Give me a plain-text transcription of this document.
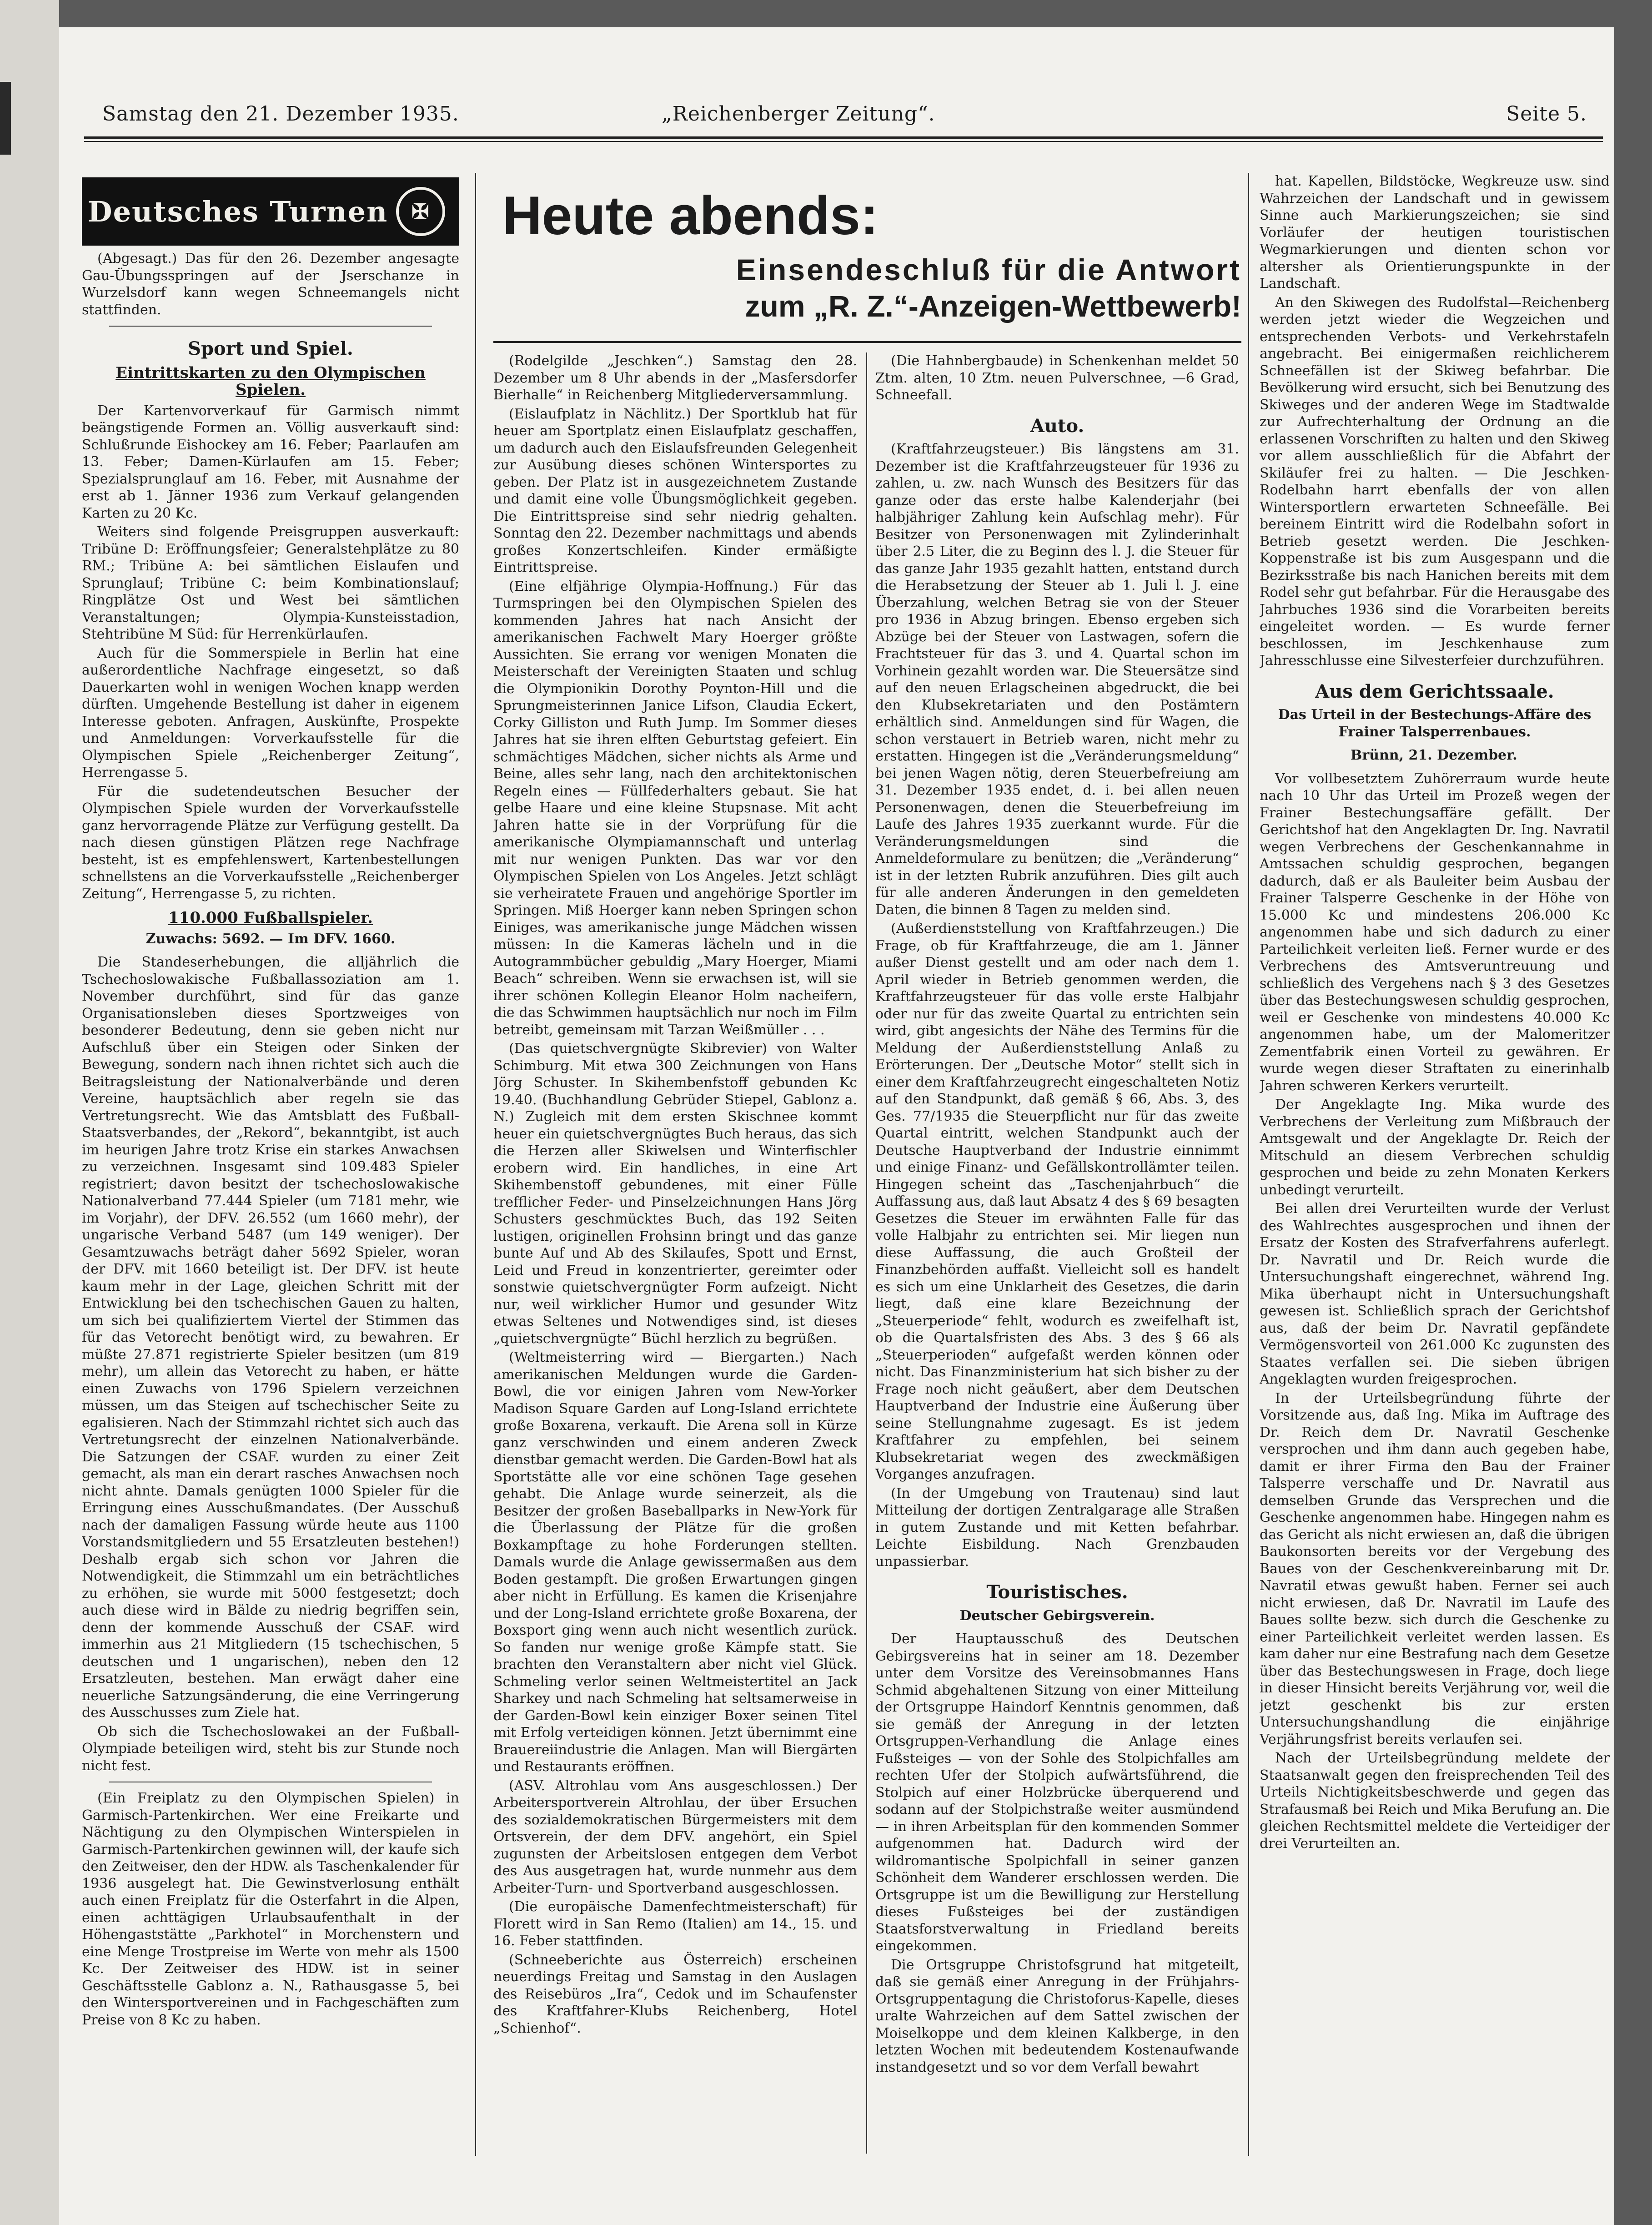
Samstag den 21. Dezember 1935.	„Reichenberger Zeitung“.	Seite 5.
Deutsches Turnen	✠

(Abgesagt.) Das für den 26. Dezember angesagte Gau-Übungsspringen auf der Jserschanze in Wurzelsdorf kann wegen Schneemangels nicht stattfinden.

Sport und Spiel.
Eintrittskarten zu den Olympischen Spielen.

Der Kartenvorverkauf für Garmisch nimmt beängstigende Formen an. Völlig ausverkauft sind: Schlußrunde Eishockey am 16. Feber; Paarlaufen am 13. Feber; Damen-Kürlaufen am 15. Feber; Spezialsprunglauf am 16. Feber, mit Ausnahme der erst ab 1. Jänner 1936 zum Verkauf gelangenden Karten zu 20 Kc.

Weiters sind folgende Preisgruppen ausverkauft: Tribüne D: Eröffnungsfeier; Generalstehplätze zu 80 RM.; Tribüne A: bei sämtlichen Eislaufen und Sprunglauf; Tribüne C: beim Kombinationslauf; Ringplätze Ost und West bei sämtlichen Veranstaltungen; Olympia-Kunsteisstadion, Stehtribüne M Süd: für Herrenkürlaufen.

Auch für die Sommerspiele in Berlin hat eine außerordentliche Nachfrage eingesetzt, so daß Dauerkarten wohl in wenigen Wochen knapp werden dürften. Umgehende Bestellung ist daher in eigenem Interesse geboten. Anfragen, Auskünfte, Prospekte und Anmeldungen: Vorverkaufsstelle für die Olympischen Spiele „Reichenberger Zeitung“, Herrengasse 5.

Für die sudetendeutschen Besucher der Olympischen Spiele wurden der Vorverkaufsstelle ganz hervorragende Plätze zur Verfügung gestellt. Da nach diesen günstigen Plätzen rege Nachfrage besteht, ist es empfehlenswert, Kartenbestellungen schnellstens an die Vorverkaufsstelle „Reichenberger Zeitung“, Herrengasse 5, zu richten.

110.000 Fußballspieler.

Zuwachs: 5692. — Im DFV. 1660.

Die Standeserhebungen, die alljährlich die Tschechoslowakische Fußballassoziation am 1. November durchführt, sind für das ganze Organisationsleben dieses Sportzweiges von besonderer Bedeutung, denn sie geben nicht nur Aufschluß über ein Steigen oder Sinken der Bewegung, sondern nach ihnen richtet sich auch die Beitragsleistung der Nationalverbände und deren Vereine, hauptsächlich aber regeln sie das Vertretungsrecht. Wie das Amtsblatt des Fußball-Staatsverbandes, der „Rekord“, bekanntgibt, ist auch im heurigen Jahre trotz Krise ein starkes Anwachsen zu verzeichnen. Insgesamt sind 109.483 Spieler registriert; davon besitzt der tschechoslowakische Nationalverband 77.444 Spieler (um 7181 mehr, wie im Vorjahr), der DFV. 26.552 (um 1660 mehr), der ungarische Verband 5487 (um 149 weniger). Der Gesamtzuwachs beträgt daher 5692 Spieler, woran der DFV. mit 1660 beteiligt ist. Der DFV. ist heute kaum mehr in der Lage, gleichen Schritt mit der Entwicklung bei den tschechischen Gauen zu halten, um sich bei qualifiziertem Viertel der Stimmen das für das Vetorecht benötigt wird, zu bewahren. Er müßte 27.871 registrierte Spieler besitzen (um 819 mehr), um allein das Vetorecht zu haben, er hätte einen Zuwachs von 1796 Spielern verzeichnen müssen, um das Steigen auf tschechischer Seite zu egalisieren. Nach der Stimmzahl richtet sich auch das Vertretungsrecht der einzelnen Nationalverbände. Die Satzungen der CSAF. wurden zu einer Zeit gemacht, als man ein derart rasches Anwachsen noch nicht ahnte. Damals genügten 1000 Spieler für die Erringung eines Ausschußmandates. (Der Ausschuß nach der damaligen Fassung würde heute aus 1100 Vorstandsmitgliedern und 55 Ersatzleuten bestehen!) Deshalb ergab sich schon vor Jahren die Notwendigkeit, die Stimmzahl um ein beträchtliches zu erhöhen, sie wurde mit 5000 festgesetzt; doch auch diese wird in Bälde zu niedrig begriffen sein, denn der kommende Ausschuß der CSAF. wird immerhin aus 21 Mitgliedern (15 tschechischen, 5 deutschen und 1 ungarischen), neben den 12 Ersatzleuten, bestehen. Man erwägt daher eine neuerliche Satzungsänderung, die eine Verringerung des Ausschusses zum Ziele hat.

Ob sich die Tschechoslowakei an der Fußball-Olympiade beteiligen wird, steht bis zur Stunde noch nicht fest.

(Ein Freiplatz zu den Olympischen Spielen) in Garmisch-Partenkirchen. Wer eine Freikarte und Nächtigung zu den Olympischen Winterspielen in Garmisch-Partenkirchen gewinnen will, der kaufe sich den Zeitweiser, den der HDW. als Taschenkalender für 1936 ausgelegt hat. Die Gewinstverlosung enthält auch einen Freiplatz für die Osterfahrt in die Alpen, einen achttägigen Urlaubsaufenthalt in der Höhengaststätte „Parkhotel“ in Morchenstern und eine Menge Trostpreise im Werte von mehr als 1500 Kc. Der Zeitweiser des HDW. ist in seiner Geschäftsstelle Gablonz a. N., Rathausgasse 5, bei den Wintersportvereinen und in Fachgeschäften zum Preise von 8 Kc zu haben.

Heute abends:
Einsendeschluß für die Antwort
zum „R. Z.“-Anzeigen-Wettbewerb!

(Rodelgilde „Jeschken“.) Samstag den 28. Dezember um 8 Uhr abends in der „Masfersdorfer Bierhalle“ in Reichenberg Mitgliederversammlung.

(Eislaufplatz in Nächlitz.) Der Sportklub hat für heuer am Sportplatz einen Eislaufplatz geschaffen, um dadurch auch den Eislaufsfreunden Gelegenheit zur Ausübung dieses schönen Wintersportes zu geben. Der Platz ist in ausgezeichnetem Zustande und damit eine volle Übungsmöglichkeit gegeben. Die Eintrittspreise sind sehr niedrig gehalten. Sonntag den 22. Dezember nachmittags und abends großes Konzertschleifen. Kinder ermäßigte Eintrittspreise.

(Eine elfjährige Olympia-Hoffnung.) Für das Turmspringen bei den Olympischen Spielen des kommenden Jahres hat nach Ansicht der amerikanischen Fachwelt Mary Hoerger größte Aussichten. Sie errang vor wenigen Monaten die Meisterschaft der Vereinigten Staaten und schlug die Olympionikin Dorothy Poynton-Hill und die Sprungmeisterinnen Janice Lifson, Claudia Eckert, Corky Gilliston und Ruth Jump. Im Sommer dieses Jahres hat sie ihren elften Geburtstag gefeiert. Ein schmächtiges Mädchen, sicher nichts als Arme und Beine, alles sehr lang, nach den architektonischen Regeln eines — Füllfederhalters gebaut. Sie hat gelbe Haare und eine kleine Stupsnase. Mit acht Jahren hatte sie in der Vorprüfung für die amerikanische Olympiamannschaft und unterlag mit nur wenigen Punkten. Das war vor den Olympischen Spielen von Los Angeles. Jetzt schlägt sie verheiratete Frauen und angehörige Sportler im Springen. Miß Hoerger kann neben Springen schon Einiges, was amerikanische junge Mädchen wissen müssen: In die Kameras lächeln und in die Autogrammbücher gebuldig „Mary Hoerger, Miami Beach“ schreiben. Wenn sie erwachsen ist, will sie ihrer schönen Kollegin Eleanor Holm nacheifern, die das Schwimmen hauptsächlich nur noch im Film betreibt, gemeinsam mit Tarzan Weißmüller . . .

(Das quietschvergnügte Skibrevier) von Walter Schimburg. Mit etwa 300 Zeichnungen von Hans Jörg Schuster. In Skihembenfstoff gebunden Kc 19.40. (Buchhandlung Gebrüder Stiepel, Gablonz a. N.) Zugleich mit dem ersten Skischnee kommt heuer ein quietschvergnügtes Buch heraus, das sich die Herzen aller Skiwelsen und Winterfischler erobern wird. Ein handliches, in eine Art Skihembenstoff gebundenes, mit einer Fülle trefflicher Feder- und Pinselzeichnungen Hans Jörg Schusters geschmücktes Buch, das 192 Seiten lustigen, originellen Frohsinn bringt und das ganze bunte Auf und Ab des Skilaufes, Spott und Ernst, Leid und Freud in konzentrierter, gereimter oder sonstwie quietschvergnügter Form aufzeigt. Nicht nur, weil wirklicher Humor und gesunder Witz etwas Seltenes und Notwendiges sind, ist dieses „quietschvergnügte“ Büchl herzlich zu begrüßen.

(Weltmeisterring wird — Biergarten.) Nach amerikanischen Meldungen wurde die Garden-Bowl, die vor einigen Jahren vom New-Yorker Madison Square Garden auf Long-Island errichtete große Boxarena, verkauft. Die Arena soll in Kürze ganz verschwinden und einem anderen Zweck dienstbar gemacht werden. Die Garden-Bowl hat als Sportstätte alle vor eine schönen Tage gesehen gehabt. Die Anlage wurde seinerzeit, als die Besitzer der großen Baseballparks in New-York für die Überlassung der Plätze für die großen Boxkampftage zu hohe Forderungen stellten. Damals wurde die Anlage gewissermaßen aus dem Boden gestampft. Die großen Erwartungen gingen aber nicht in Erfüllung. Es kamen die Krisenjahre und der Long-Island errichtete große Boxarena, der Boxsport ging wenn auch nicht wesentlich zurück. So fanden nur wenige große Kämpfe statt. Sie brachten den Veranstaltern aber nicht viel Glück. Schmeling verlor seinen Weltmeistertitel an Jack Sharkey und nach Schmeling hat seltsamerweise in der Garden-Bowl kein einziger Boxer seinen Titel mit Erfolg verteidigen können. Jetzt übernimmt eine Brauereiindustrie die Anlagen. Man will Biergärten und Restaurants eröffnen.

(ASV. Altrohlau vom Ans ausgeschlossen.) Der Arbeitersportverein Altrohlau, der über Ersuchen des sozialdemokratischen Bürgermeisters mit dem Ortsverein, der dem DFV. angehört, ein Spiel zugunsten der Arbeitslosen entgegen dem Verbot des Aus ausgetragen hat, wurde nunmehr aus dem Arbeiter-Turn- und Sportverband ausgeschlossen.

(Die europäische Damenfechtmeisterschaft) für Florett wird in San Remo (Italien) am 14., 15. und 16. Feber stattfinden.

(Schneeberichte aus Österreich) erscheinen neuerdings Freitag und Samstag in den Auslagen des Reisebüros „Ira“, Cedok und im Schaufenster des Kraftfahrer-Klubs Reichenberg, Hotel „Schienhof“.

(Die Hahnbergbaude) in Schenkenhan meldet 50 Ztm. alten, 10 Ztm. neuen Pulverschnee, —6 Grad, Schneefall.

Auto.

(Kraftfahrzeugsteuer.) Bis längstens am 31. Dezember ist die Kraftfahrzeugsteuer für 1936 zu zahlen, u. zw. nach Wunsch des Besitzers für das ganze oder das erste halbe Kalenderjahr (bei halbjähriger Zahlung kein Aufschlag mehr). Für Besitzer von Personenwagen mit Zylinderinhalt über 2.5 Liter, die zu Beginn des l. J. die Steuer für das ganze Jahr 1935 gezahlt hatten, entstand durch die Herabsetzung der Steuer ab 1. Juli l. J. eine Überzahlung, welchen Betrag sie von der Steuer pro 1936 in Abzug bringen. Ebenso ergeben sich Abzüge bei der Steuer von Lastwagen, sofern die Frachtsteuer für das 3. und 4. Quartal schon im Vorhinein gezahlt worden war. Die Steuersätze sind auf den neuen Erlagscheinen abgedruckt, die bei den Klubsekretariaten und den Postämtern erhältlich sind. Anmeldungen sind für Wagen, die schon verstauert in Betrieb waren, nicht mehr zu erstatten. Hingegen ist die „Veränderungsmeldung“ bei jenen Wagen nötig, deren Steuerbefreiung am 31. Dezember 1935 endet, d. i. bei allen neuen Personenwagen, denen die Steuerbefreiung im Laufe des Jahres 1935 zuerkannt wurde. Für die Veränderungsmeldungen sind die Anmeldeformulare zu benützen; die „Veränderung“ ist in der letzten Rubrik anzuführen. Dies gilt auch für alle anderen Änderungen in den gemeldeten Daten, die binnen 8 Tagen zu melden sind.

(Außerdienststellung von Kraftfahrzeugen.) Die Frage, ob für Kraftfahrzeuge, die am 1. Jänner außer Dienst gestellt und am oder nach dem 1. April wieder in Betrieb genommen werden, die Kraftfahrzeugsteuer für das volle erste Halbjahr oder nur für das zweite Quartal zu entrichten sein wird, gibt angesichts der Nähe des Termins für die Meldung der Außerdienststellung Anlaß zu Erörterungen. Der „Deutsche Motor“ stellt sich in einer dem Kraftfahrzeugrecht eingeschalteten Notiz auf den Standpunkt, daß gemäß § 66, Abs. 3, des Ges. 77/1935 die Steuerpflicht nur für das zweite Quartal eintritt, welchen Standpunkt auch der Deutsche Hauptverband der Industrie einnimmt und einige Finanz- und Gefällskontrollämter teilen. Hingegen scheint das „Taschenjahrbuch“ die Auffassung aus, daß laut Absatz 4 des § 69 besagten Gesetzes die Steuer im erwähnten Falle für das volle Halbjahr zu entrichten sei. Mir liegen nun diese Auffassung, die auch Großteil der Finanzbehörden auffaßt. Vielleicht soll es handelt es sich um eine Unklarheit des Gesetzes, die darin liegt, daß eine klare Bezeichnung der „Steuerperiode“ fehlt, wodurch es zweifelhaft ist, ob die Quartalsfristen des Abs. 3 des § 66 als „Steuerperioden“ aufgefaßt werden können oder nicht. Das Finanzministerium hat sich bisher zu der Frage noch nicht geäußert, aber dem Deutschen Hauptverband der Industrie eine Äußerung über seine Stellungnahme zugesagt. Es ist jedem Kraftfahrer zu empfehlen, bei seinem Klubsekretariat wegen des zweckmäßigen Vorganges anzufragen.

(In der Umgebung von Trautenau) sind laut Mitteilung der dortigen Zentralgarage alle Straßen in gutem Zustande und mit Ketten befahrbar. Leichte Eisbildung. Nach Grenzbauden unpassierbar.

Touristisches.

Deutscher Gebirgsverein.

Der Hauptausschuß des Deutschen Gebirgsvereins hat in seiner am 18. Dezember unter dem Vorsitze des Vereinsobmannes Hans Schmid abgehaltenen Sitzung von einer Mitteilung der Ortsgruppe Haindorf Kenntnis genommen, daß sie gemäß der Anregung in der letzten Ortsgruppen-Verhandlung die Anlage eines Fußsteiges — von der Sohle des Stolpichfalles am rechten Ufer der Stolpich aufwärtsführend, die Stolpich auf einer Holzbrücke überquerend und sodann auf der Stolpichstraße weiter ausmündend — in ihren Arbeitsplan für den kommenden Sommer aufgenommen hat. Dadurch wird der wildromantische Spolpichfall in seiner ganzen Schönheit dem Wanderer erschlossen werden. Die Ortsgruppe ist um die Bewilligung zur Herstellung dieses Fußsteiges bei der zuständigen Staatsforstverwaltung in Friedland bereits eingekommen.

Die Ortsgruppe Christofsgrund hat mitgeteilt, daß sie gemäß einer Anregung in der Frühjahrs-Ortsgruppentagung die Christoforus-Kapelle, dieses uralte Wahrzeichen auf dem Sattel zwischen der Moiselkoppe und dem kleinen Kalkberge, in den letzten Wochen mit bedeutendem Kostenaufwande instandgesetzt und so vor dem Verfall bewahrt

hat. Kapellen, Bildstöcke, Wegkreuze usw. sind Wahrzeichen der Landschaft und in gewissem Sinne auch Markierungszeichen; sie sind Vorläufer der heutigen touristischen Wegmarkierungen und dienten schon vor altersher als Orientierungspunkte in der Landschaft.

An den Skiwegen des Rudolfstal—Reichenberg werden jetzt wieder die Wegzeichen und entsprechenden Verbots- und Verkehrstafeln angebracht. Bei einigermaßen reichlicherem Schneefällen ist der Skiweg befahrbar. Die Bevölkerung wird ersucht, sich bei Benutzung des Skiweges und der anderen Wege im Stadtwalde zur Aufrechterhaltung der Ordnung an die erlassenen Vorschriften zu halten und den Skiweg vor allem ausschließlich für die Abfahrt der Skiläufer frei zu halten. — Die Jeschken-Rodelbahn harrt ebenfalls der von allen Wintersportlern erwarteten Schneefälle. Bei bereinem Eintritt wird die Rodelbahn sofort in Betrieb gesetzt werden. Die Jeschken-Koppenstraße ist bis zum Ausgespann und die Bezirksstraße bis nach Hanichen bereits mit dem Rodel sehr gut befahrbar. Für die Herausgabe des Jahrbuches 1936 sind die Vorarbeiten bereits eingeleitet worden. — Es wurde ferner beschlossen, im Jeschkenhause zum Jahresschlusse eine Silvesterfeier durchzuführen.

Aus dem Gerichtssaale.

Das Urteil in der Bestechungs-Affäre des Frainer Talsperrenbaues.

Brünn, 21. Dezember.

Vor vollbesetztem Zuhörerraum wurde heute nach 10 Uhr das Urteil im Prozeß wegen der Frainer Bestechungsaffäre gefällt. Der Gerichtshof hat den Angeklagten Dr. Ing. Navratil wegen Verbrechens der Geschenkannahme in Amtssachen schuldig gesprochen, begangen dadurch, daß er als Bauleiter beim Ausbau der Frainer Talsperre Geschenke in der Höhe von 15.000 Kc und mindestens 206.000 Kc angenommen habe und sich dadurch zu einer Parteilichkeit verleiten ließ. Ferner wurde er des Verbrechens des Amtsveruntreuung und schließlich des Vergehens nach § 3 des Gesetzes über das Bestechungswesen schuldig gesprochen, weil er Geschenke von mindestens 40.000 Kc angenommen habe, um der Malomeritzer Zementfabrik einen Vorteil zu gewähren. Er wurde wegen dieser Straftaten zu einerinhalb Jahren schweren Kerkers verurteilt.

Der Angeklagte Ing. Mika wurde des Verbrechens der Verleitung zum Mißbrauch der Amtsgewalt und der Angeklagte Dr. Reich der Mitschuld an diesem Verbrechen schuldig gesprochen und beide zu zehn Monaten Kerkers unbedingt verurteilt.

Bei allen drei Verurteilten wurde der Verlust des Wahlrechtes ausgesprochen und ihnen der Ersatz der Kosten des Strafverfahrens auferlegt. Dr. Navratil und Dr. Reich wurde die Untersuchungshaft eingerechnet, während Ing. Mika überhaupt nicht in Untersuchungshaft gewesen ist. Schließlich sprach der Gerichtshof aus, daß der beim Dr. Navratil gepfändete Vermögensvorteil von 261.000 Kc zugunsten des Staates verfallen sei. Die sieben übrigen Angeklagten wurden freigesprochen.

In der Urteilsbegründung führte der Vorsitzende aus, daß Ing. Mika im Auftrage des Dr. Reich dem Dr. Navratil Geschenke versprochen und ihm dann auch gegeben habe, damit er ihrer Firma den Bau der Frainer Talsperre verschaffe und Dr. Navratil aus demselben Grunde das Versprechen und die Geschenke angenommen habe. Hingegen nahm es das Gericht als nicht erwiesen an, daß die übrigen Baukonsorten bereits vor der Vergebung des Baues von der Geschenkvereinbarung mit Dr. Navratil etwas gewußt haben. Ferner sei auch nicht erwiesen, daß Dr. Navratil im Laufe des Baues sollte bezw. sich durch die Geschenke zu einer Parteilichkeit verleitet werden lassen. Es kam daher nur eine Bestrafung nach dem Gesetze über das Bestechungswesen in Frage, doch liege in dieser Hinsicht bereits Verjährung vor, weil die jetzt geschenkt bis zur ersten Untersuchungshandlung die einjährige Verjährungsfrist bereits verlaufen sei.

Nach der Urteilsbegründung meldete der Staatsanwalt gegen den freisprechenden Teil des Urteils Nichtigkeitsbeschwerde und gegen das Strafausmaß bei Reich und Mika Berufung an. Die gleichen Rechtsmittel meldete die Verteidiger der drei Verurteilten an.
